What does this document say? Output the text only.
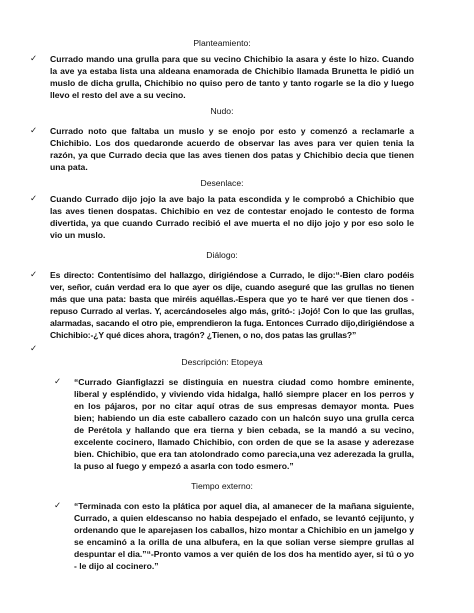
Planteamiento:
✓	Currado mando una grulla para que su vecino Chichibio la asara y éste lo hizo. Cuando la ave ya estaba lista una aldeana enamorada de Chichibio llamada Brunetta le pidió un muslo de dicha grulla, Chichibio no quiso pero de tanto y tanto rogarle se la dio y luego llevo el resto del ave a su vecino.
Nudo:
✓	Currado noto que faltaba un muslo y se enojo por esto y comenzó a reclamarle a Chichibio. Los dos quedaronde acuerdo de observar las aves para ver quien tenia la razón, ya que Currado decia que las aves tienen dos patas y Chichibio decia que tienen una pata.
Desenlace:
✓	Cuando Currado dijo jojo la ave bajo la pata escondida y le comprobó a Chichibio que las aves tienen dospatas. Chichibio en vez de contestar enojado le contesto de forma divertida, ya que cuando Currado recibió el ave muerta el no dijo jojo y por eso solo le vio un muslo.
Diálogo:
✓	Es directo: Contentísimo del hallazgo, dirigiéndose a Currado, le dijo:“-Bien claro podéis ver, señor, cuán verdad era lo que ayer os dije, cuando aseguré que las grullas no tienen más que una pata: basta que miréis aquéllas.-Espera que yo te haré ver que tienen dos -repuso Currado al verlas. Y, acercándoseles algo más, gritó-: ¡Jojó! Con lo que las grullas, alarmadas, sacando el otro pie, emprendieron la fuga. Entonces Currado dijo,dirigiéndose a Chichibio:-¿Y qué dices ahora, tragón? ¿Tienen, o no, dos patas las grullas?”
✓
Descripción: Etopeya
✓	“Currado Gianfiglazzi se distinguia en nuestra ciudad como hombre eminente, liberal y espléndido, y viviendo vida hidalga, halló siempre placer en los perros y en los pájaros, por no citar aquí otras de sus empresas demayor monta. Pues bien; habiendo un dia este caballero cazado con un halcón suyo una grulla cerca de Perétola y hallando que era tierna y bien cebada, se la mandó a su vecino, excelente cocinero, llamado Chichibio, con orden de que se la asase y aderezase bien. Chichibio, que era tan atolondrado como parecia,una vez aderezada la grulla, la puso al fuego y empezó a asarla con todo esmero.”
Tiempo externo:
✓	“Terminada con esto la plática por aquel dia, al amanecer de la mañana siguiente, Currado, a quien eldescanso no habia despejado el enfado, se levantó cejijunto, y ordenando que le aparejasen los caballos, hizo montar a Chichibio en un jamelgo y se encaminó a la orilla de una albufera, en la que solian verse siempre grullas al despuntar el dia.”“-Pronto vamos a ver quién de los dos ha mentido ayer, si tú o yo - le dijo al cocinero.”
